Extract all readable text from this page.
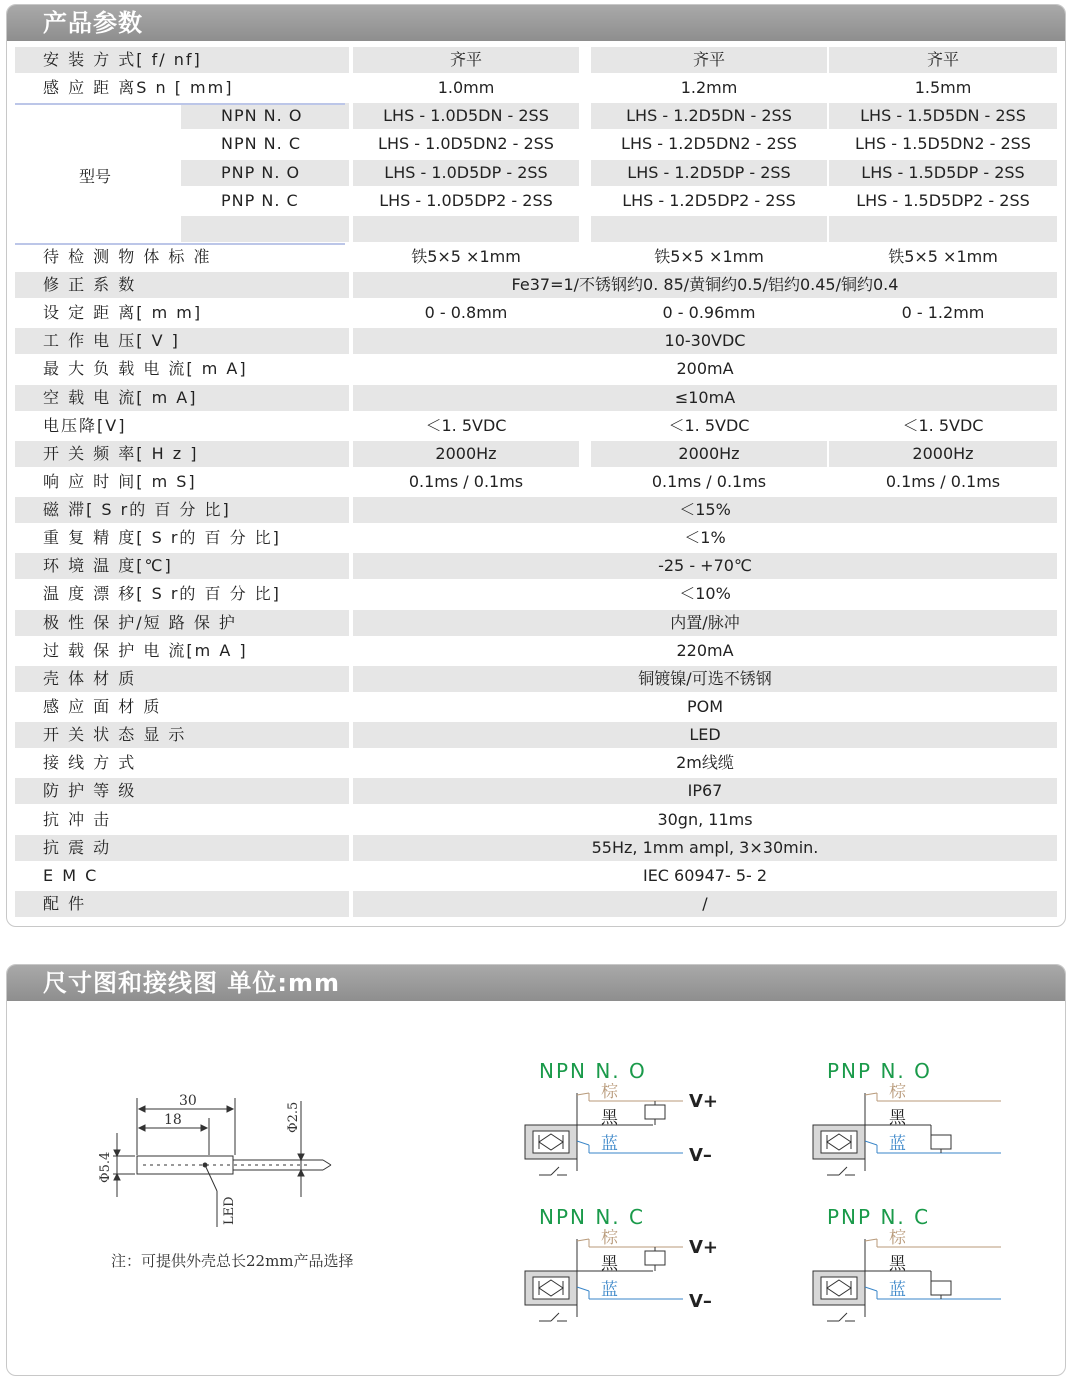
产品参数
安 装 方 式[ f/ nf]	齐平	齐平	齐平
感 应 距 离S n [ mm]	1.0mm	1.2mm	1.5mm
NPN N. O	LHS - 1.0D5DN - 2SS	LHS - 1.2D5DN - 2SS	LHS - 1.5D5DN - 2SS
NPN N. C	LHS - 1.0D5DN2 - 2SS	LHS - 1.2D5DN2 - 2SS	LHS - 1.5D5DN2 - 2SS
PNP N. O	LHS - 1.0D5DP - 2SS	LHS - 1.2D5DP - 2SS	LHS - 1.5D5DP - 2SS
PNP N. C	LHS - 1.0D5DP2 - 2SS	LHS - 1.2D5DP2 - 2SS	LHS - 1.5D5DP2 - 2SS
待 检 测 物 体 标 准	铁5×5 ×1mm	铁5×5 ×1mm	铁5×5 ×1mm
修 正 系 数	Fe37=1/不锈钢约0. 85/黄铜约0.5/铝约0.45/铜约0.4
设 定 距 离[ m m]	0 - 0.8mm	0 - 0.96mm	0 - 1.2mm
工 作 电 压[ V ]	10-30VDC
最 大 负 载 电 流[ m A]	200mA
空 载 电 流[ m A]	≤10mA
电压降[V]	＜1. 5VDC	＜1. 5VDC	＜1. 5VDC
开 关 频 率[ H z ]	2000Hz	2000Hz	2000Hz
响 应 时 间[ m S]	0.1ms / 0.1ms	0.1ms / 0.1ms	0.1ms / 0.1ms
磁 滞[ S r的 百 分 比]	＜15%
重 复 精 度[ S r的 百 分 比]	＜1%
环 境 温 度[℃]	-25 - +70℃
温 度 漂 移[ S r的 百 分 比]	＜10%
极 性 保 护/短 路 保 护	内置/脉冲
过 载 保 护 电 流[m A ]	220mA
壳 体 材 质	铜镀镍/可选不锈钢
感 应 面 材 质	POM
开 关 状 态 显 示	LED
接 线 方 式	2m线缆
防 护 等 级	IP67
抗 冲 击	30gn, 11ms
抗 震 动	55Hz, 1mm ampl, 3×30min.
E M C	IEC 60947- 5- 2
配 件	/
型号
尺寸图和接线图 单位:mm
30
18
Φ5.4
Φ2.5
LED
注：可提供外壳总长22mm产品选择
NPN N. O
棕
黑
蓝
V+
V–
PNP N. O
棕
黑
蓝
NPN N. C
棕
黑
蓝
V+
V–
PNP N. C
棕
黑
蓝
